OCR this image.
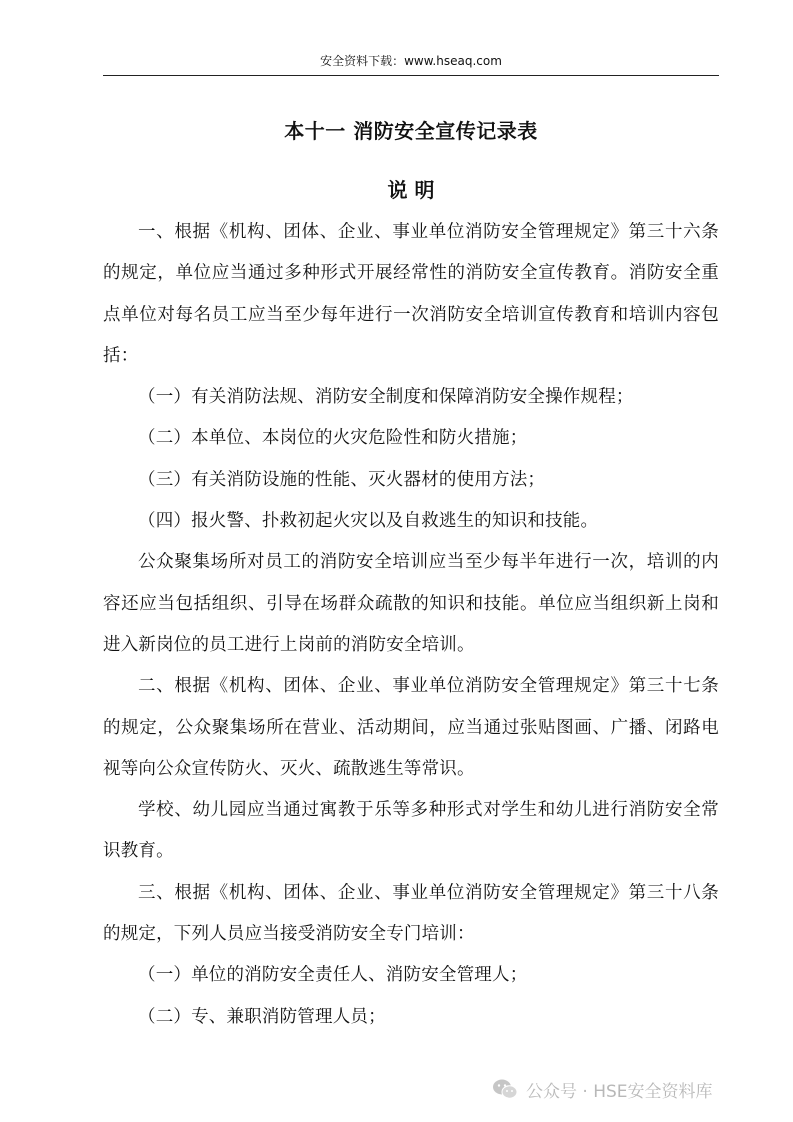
安全资料下载：www.hseaq.com
本十一 消防安全宣传记录表
说 明

一、根据《机构、团体、企业、事业单位消防安全管理规定》第三十六条的规定，单位应当通过多种形式开展经常性的消防安全宣传教育。消防安全重点单位对每名员工应当至少每年进行一次消防安全培训宣传教育和培训内容包括：

（一）有关消防法规、消防安全制度和保障消防安全操作规程；

（二）本单位、本岗位的火灾危险性和防火措施；

（三）有关消防设施的性能、灭火器材的使用方法；

（四）报火警、扑救初起火灾以及自救逃生的知识和技能。

公众聚集场所对员工的消防安全培训应当至少每半年进行一次，培训的内容还应当包括组织、引导在场群众疏散的知识和技能。单位应当组织新上岗和进入新岗位的员工进行上岗前的消防安全培训。

二、根据《机构、团体、企业、事业单位消防安全管理规定》第三十七条的规定，公众聚集场所在营业、活动期间，应当通过张贴图画、广播、闭路电视等向公众宣传防火、灭火、疏散逃生等常识。

学校、幼儿园应当通过寓教于乐等多种形式对学生和幼儿进行消防安全常识教育。

三、根据《机构、团体、企业、事业单位消防安全管理规定》第三十八条的规定，下列人员应当接受消防安全专门培训：

（一）单位的消防安全责任人、消防安全管理人；

（二）专、兼职消防管理人员；

公众号 · HSE安全资料库
